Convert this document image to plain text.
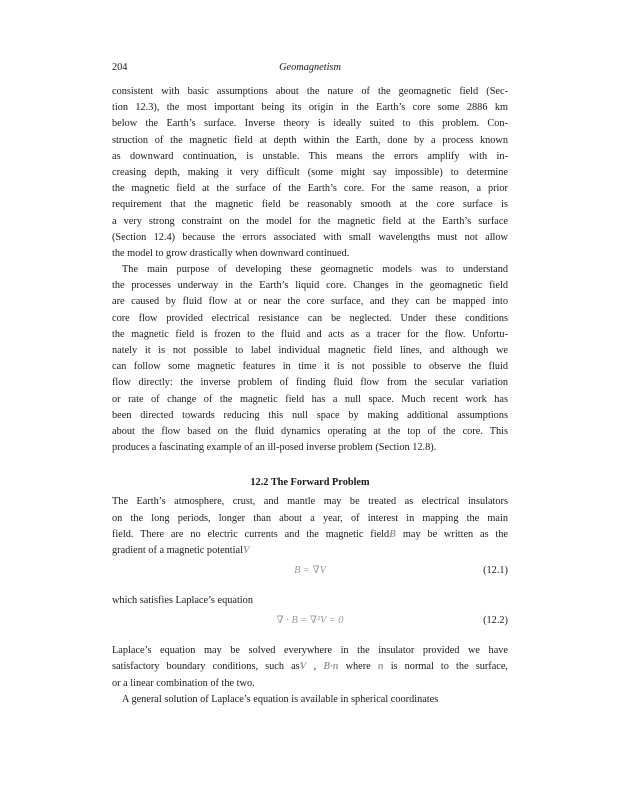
204	Geomagnetism
consistent with basic assumptions about the nature of the geomagnetic field (Sec-
tion 12.3), the most important being its origin in the Earth’s core some 2886 km
below the Earth’s surface. Inverse theory is ideally suited to this problem. Con-
struction of the magnetic field at depth within the Earth, done by a process known
as downward continuation, is unstable. This means the errors amplify with in-
creasing depth, making it very difficult (some might say impossible) to determine
the magnetic field at the surface of the Earth’s core. For the same reason, a prior
requirement that the magnetic field be reasonably smooth at the core surface is
a very strong constraint on the model for the magnetic field at the Earth’s surface
(Section 12.4) because the errors associated with small wavelengths must not allow
the model to grow drastically when downward continued.
The main purpose of developing these geomagnetic models was to understand
the processes underway in the Earth’s liquid core. Changes in the geomagnetic field
are caused by fluid flow at or near the core surface, and they can be mapped into
core flow provided electrical resistance can be neglected. Under these conditions
the magnetic field is frozen to the fluid and acts as a tracer for the flow. Unfortu-
nately it is not possible to label individual magnetic field lines, and although we
can follow some magnetic features in time it is not possible to observe the fluid
flow directly: the inverse problem of finding fluid flow from the secular variation
or rate of change of the magnetic field has a null space. Much recent work has
been directed towards reducing this null space by making additional assumptions
about the flow based on the fluid dynamics operating at the top of the core. This
produces a fascinating example of an ill-posed inverse problem (Section 12.8).
12.2 The Forward Problem
The Earth’s atmosphere, crust, and mantle may be treated as electrical insulators
on the long periods, longer than about a year, of interest in mapping the main
field. There are no electric currents and the magnetic fieldB may be written as the
gradient of a magnetic potentialV
B = ∇V	(12.1)
which satisfies Laplace’s equation
∇ · B = ∇²V = 0	(12.2)
Laplace’s equation may be solved everywhere in the insulator provided we have
satisfactory boundary conditions, such asV , B·n where n is normal to the surface,
or a linear combination of the two.
A general solution of Laplace’s equation is available in spherical coordinates
